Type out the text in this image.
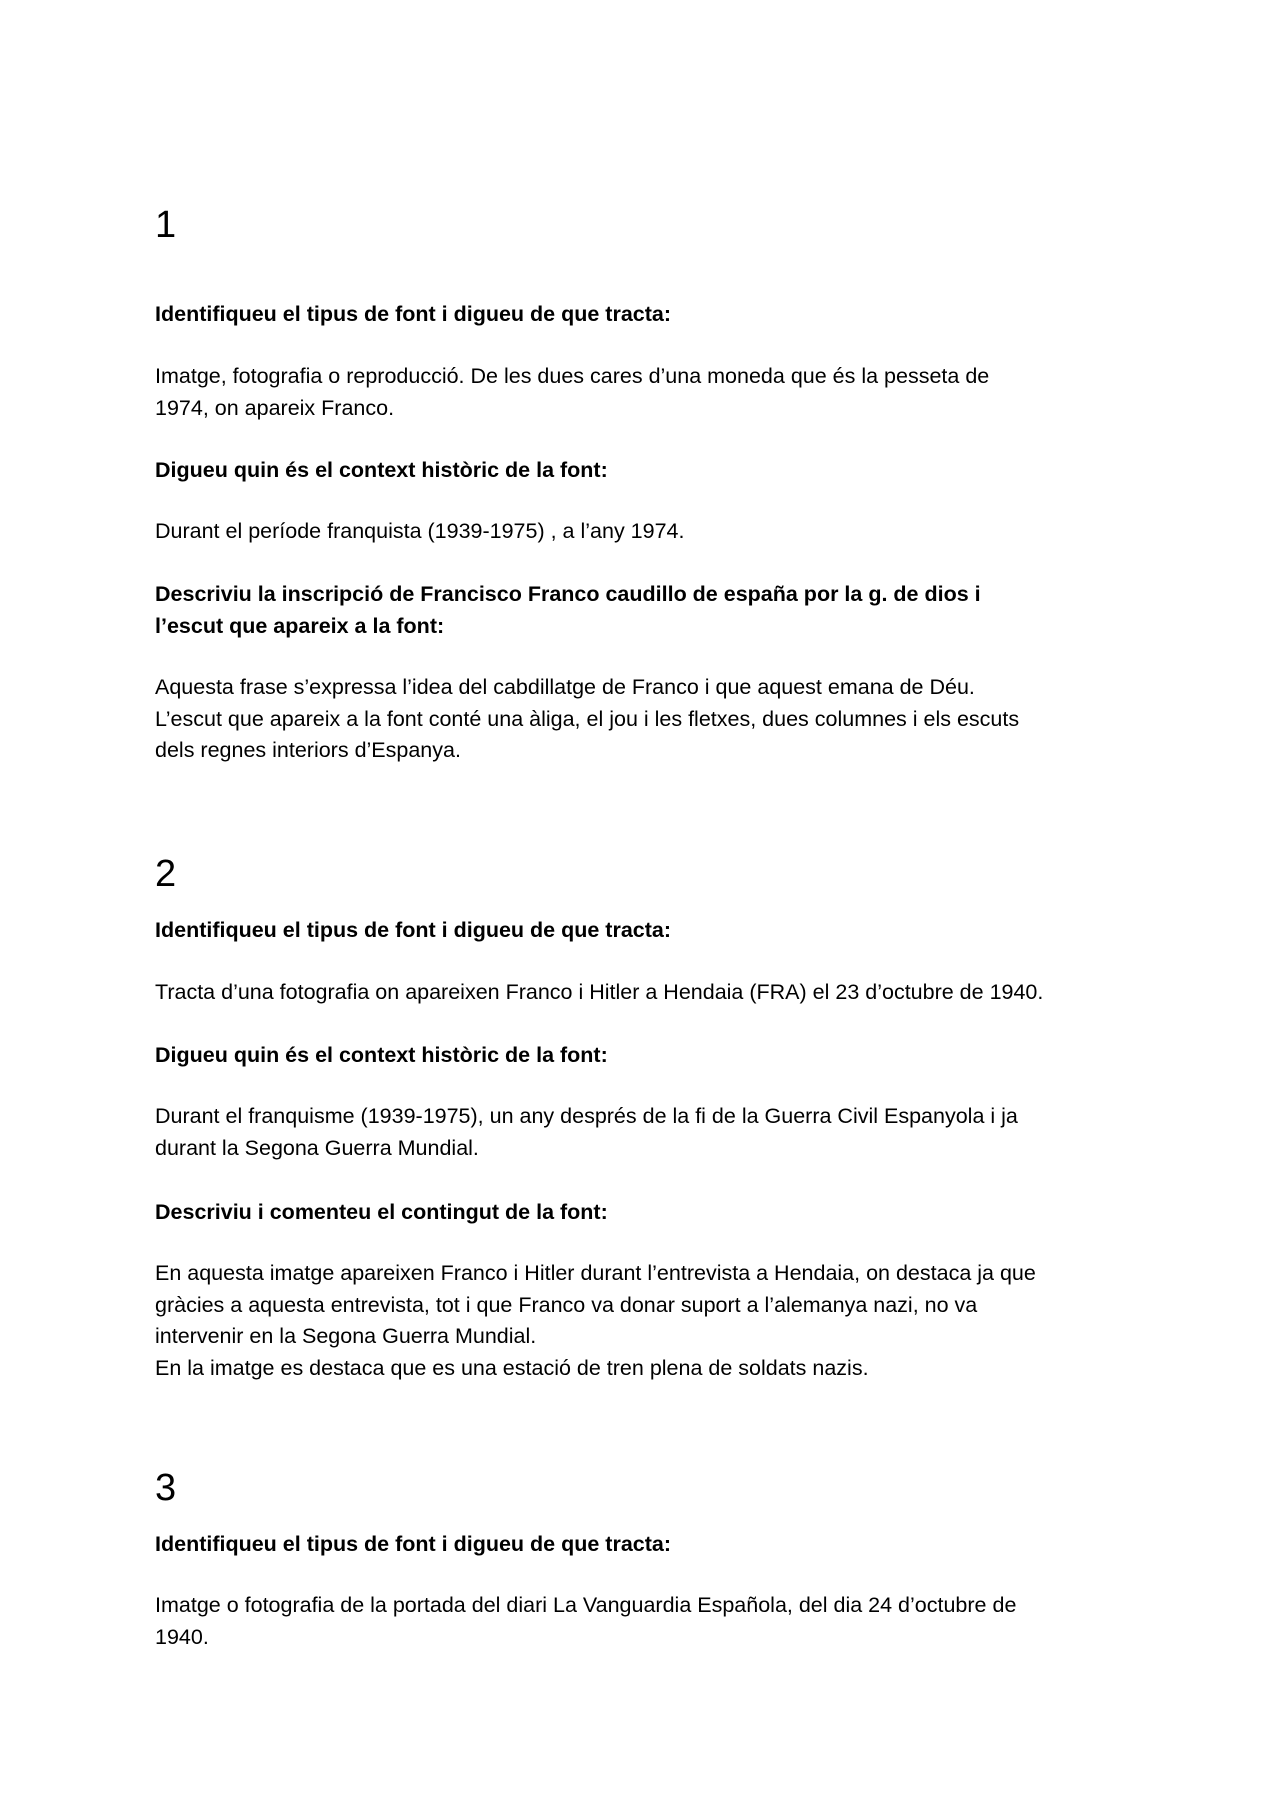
1

Identifiqueu el tipus de font i digueu de que tracta:

Imatge, fotografia o reproducció. De les dues cares d’una moneda que és la pesseta de
1974, on apareix Franco.

Digueu quin és el context històric de la font:

Durant el període franquista (1939-1975) , a l’any 1974.

Descriviu la inscripció de Francisco Franco caudillo de españa por la g. de dios i
l’escut que apareix a la font:

Aquesta frase s’expressa l’idea del cabdillatge de Franco i que aquest emana de Déu.
L’escut que apareix a la font conté una àliga, el jou i les fletxes, dues columnes i els escuts
dels regnes interiors d’Espanya.

2

Identifiqueu el tipus de font i digueu de que tracta:

Tracta d’una fotografia on apareixen Franco i Hitler a Hendaia (FRA) el 23 d’octubre de 1940.

Digueu quin és el context històric de la font:

Durant el franquisme (1939-1975), un any després de la fi de la Guerra Civil Espanyola i ja
durant la Segona Guerra Mundial.

Descriviu i comenteu el contingut de la font:

En aquesta imatge apareixen Franco i Hitler durant l’entrevista a Hendaia, on destaca ja que
gràcies a aquesta entrevista, tot i que Franco va donar suport a l’alemanya nazi, no va
intervenir en la Segona Guerra Mundial.
En la imatge es destaca que es una estació de tren plena de soldats nazis.

3

Identifiqueu el tipus de font i digueu de que tracta:

Imatge o fotografia de la portada del diari La Vanguardia Española, del dia 24 d’octubre de
1940.
